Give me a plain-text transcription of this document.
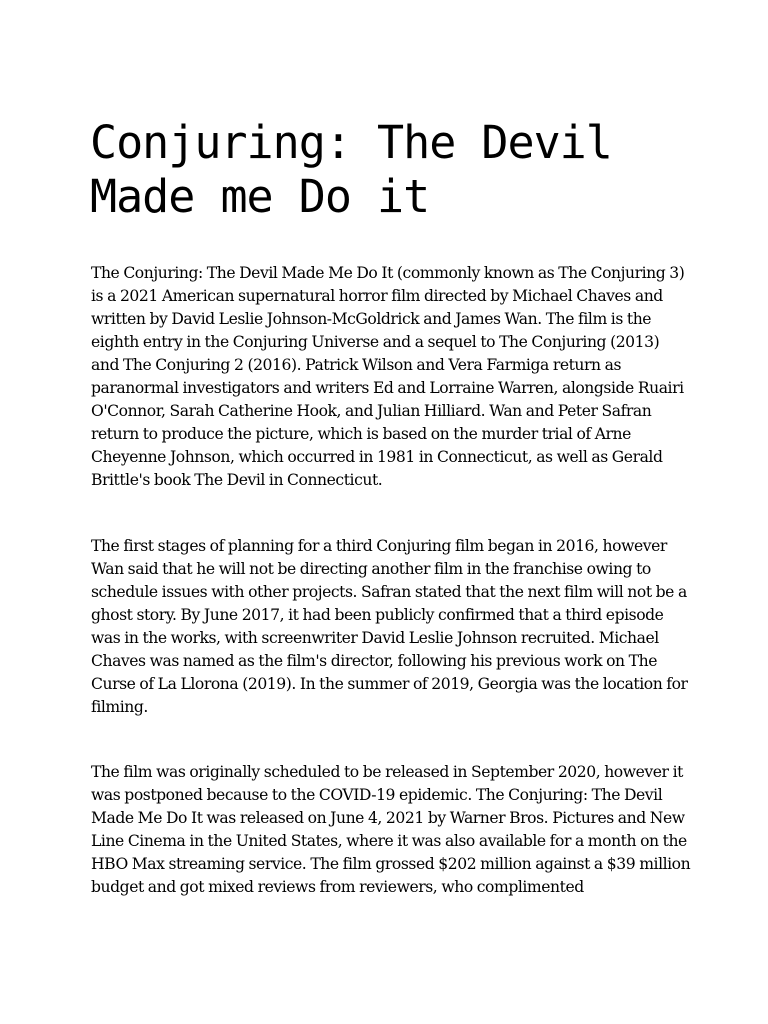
Conjuring: The Devil Made me Do it

The Conjuring: The Devil Made Me Do It (commonly known as The Conjuring 3) is a 2021 American supernatural horror film directed by Michael Chaves and written by David Leslie Johnson-McGoldrick and James Wan. The film is the eighth entry in the Conjuring Universe and a sequel to The Conjuring (2013) and The Conjuring 2 (2016). Patrick Wilson and Vera Farmiga return as paranormal investigators and writers Ed and Lorraine Warren, alongside Ruairi O'Connor, Sarah Catherine Hook, and Julian Hilliard. Wan and Peter Safran return to produce the picture, which is based on the murder trial of Arne Cheyenne Johnson, which occurred in 1981 in Connecticut, as well as Gerald Brittle's book The Devil in Connecticut.

The first stages of planning for a third Conjuring film began in 2016, however Wan said that he will not be directing another film in the franchise owing to schedule issues with other projects. Safran stated that the next film will not be a ghost story. By June 2017, it had been publicly confirmed that a third episode was in the works, with screenwriter David Leslie Johnson recruited. Michael Chaves was named as the film's director, following his previous work on The Curse of La Llorona (2019). In the summer of 2019, Georgia was the location for filming.

The film was originally scheduled to be released in September 2020, however it was postponed because to the COVID-19 epidemic. The Conjuring: The Devil Made Me Do It was released on June 4, 2021 by Warner Bros. Pictures and New Line Cinema in the United States, where it was also available for a month on the HBO Max streaming service. The film grossed $202 million against a $39 million budget and got mixed reviews from reviewers, who complimented
